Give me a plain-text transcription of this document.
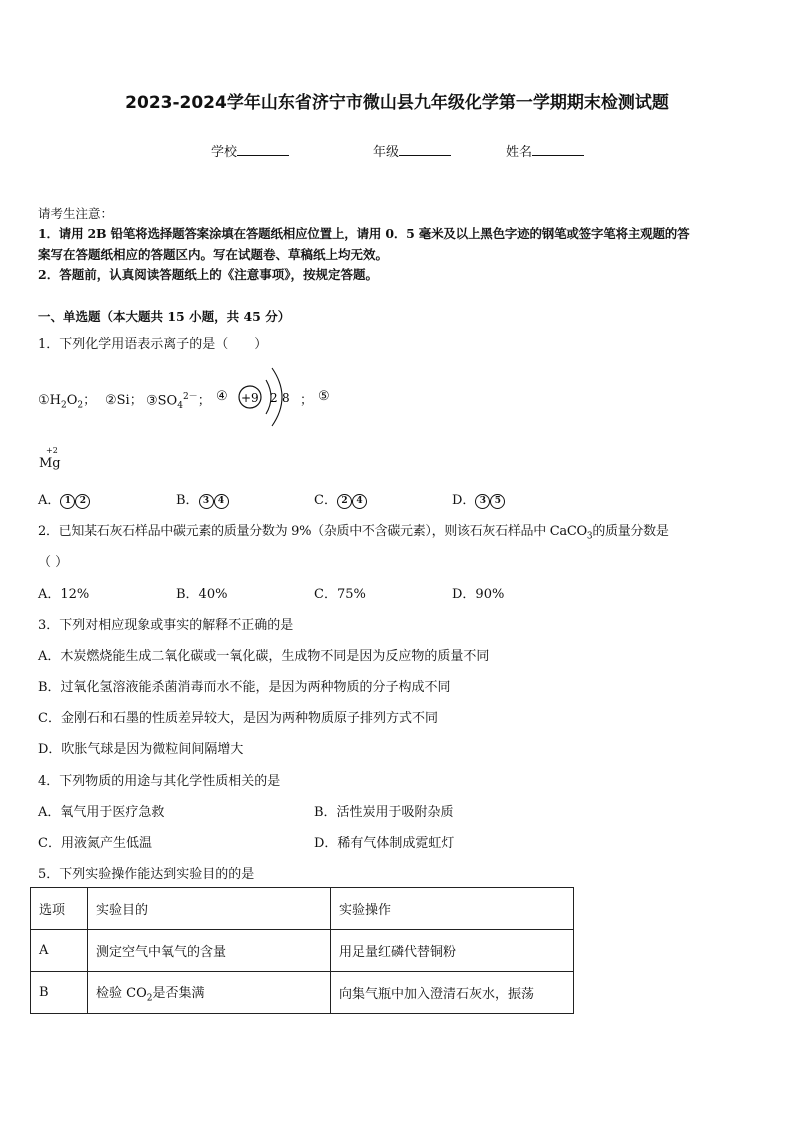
2023-2024学年山东省济宁市微山县九年级化学第一学期期末检测试题
学校	年级	姓名
请考生注意：
1．请用 2B 铅笔将选择题答案涂填在答题纸相应位置上，请用 0．5 毫米及以上黑色字迹的钢笔或签字笔将主观题的答
案写在答题纸相应的答题区内。写在试题卷、草稿纸上均无效。
2．答题前，认真阅读答题纸上的《注意事项》，按规定答题。
一、单选题（本大题共 15 小题，共 45 分）
1．下列化学用语表示离子的是（　　）
$①H_2O_2$； ②Si； $③SO_4^{2-}$； ④ +9 2 8 ； ⑤
+2
Mg
A． 1 2	B． 3 4	C． 2 4	D． 3 5
2．已知某石灰石样品中碳元素的质量分数为 9%（杂质中不含碳元素），则该石灰石样品中 CaCO$_3$的质量分数是
（ ）
A．12%	B．40%	C．75%	D．90%
3．下列对相应现象或事实的解释不正确的是
A．木炭燃烧能生成二氧化碳或一氧化碳，生成物不同是因为反应物的质量不同
B．过氧化氢溶液能杀菌消毒而水不能，是因为两种物质的分子构成不同
C．金刚石和石墨的性质差异较大，是因为两种物质原子排列方式不同
D．吹胀气球是因为微粒间间隔增大
4．下列物质的用途与其化学性质相关的是
A．氧气用于医疗急救	B．活性炭用于吸附杂质
C．用液氮产生低温	D．稀有气体制成霓虹灯
5．下列实验操作能达到实验目的的是
选项	实验目的	实验操作
A	测定空气中氧气的含量	用足量红磷代替铜粉
B	检验 $CO_2$是否集满	向集气瓶中加入澄清石灰水，振荡
